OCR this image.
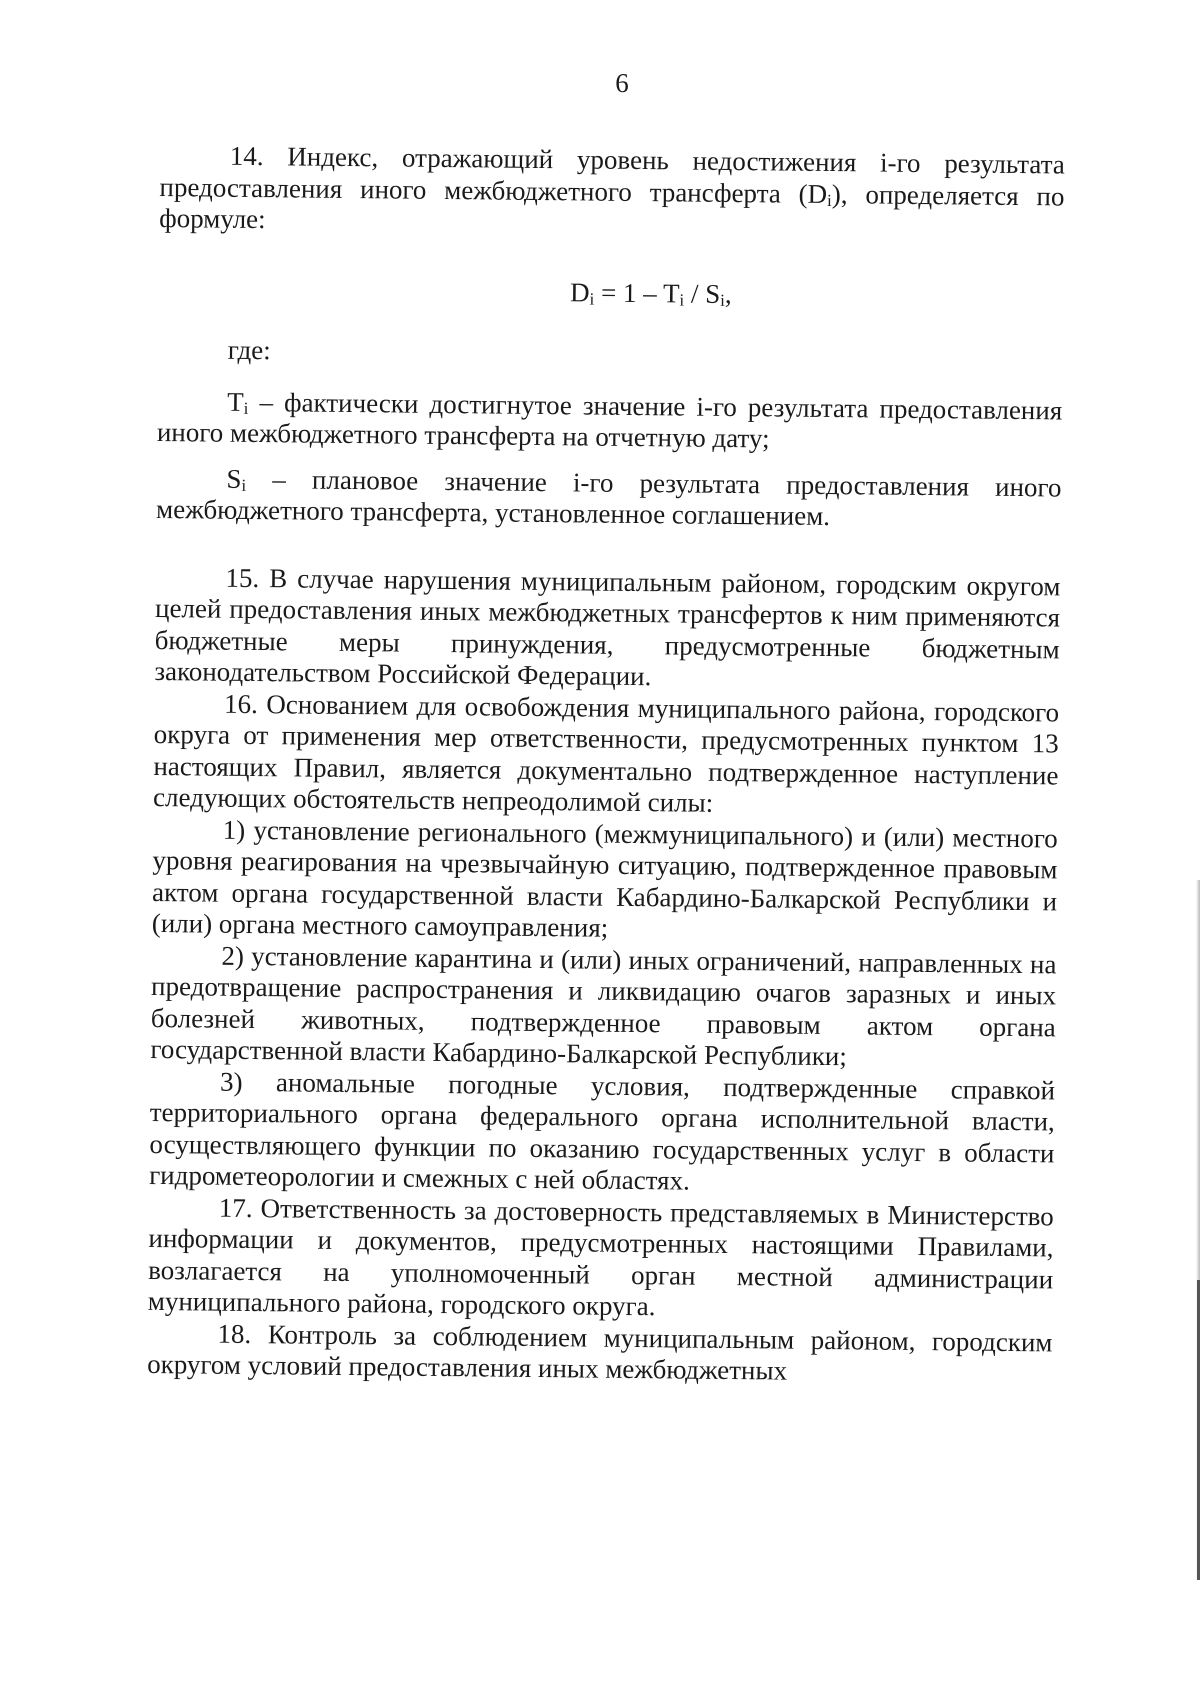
6

14. Индекс, отражающий уровень недостижения i-го результата предоставления иного межбюджетного трансферта $(D_i)$, определяется по формуле:

$D_i = 1 - T_i / S_i$,
где:

$T_i$ – фактически достигнутое значение i-го результата предоставления иного межбюджетного трансферта на отчетную дату;

$S_i$ – плановое значение i-го результата предоставления иного межбюджетного трансферта, установленное соглашением.

15. В случае нарушения муниципальным районом, городским округом целей предоставления иных межбюджетных трансфертов к ним применяются бюджетные меры принуждения, предусмотренные бюджетным законодательством Российской Федерации.

16. Основанием для освобождения муниципального района, городского округа от применения мер ответственности, предусмотренных пунктом 13 настоящих Правил, является документально подтвержденное наступление следующих обстоятельств непреодолимой силы:

1) установление регионального (межмуниципального) и (или) местного уровня реагирования на чрезвычайную ситуацию, подтвержденное правовым актом органа государственной власти Кабардино-Балкарской Республики и (или) органа местного самоуправления;

2) установление карантина и (или) иных ограничений, направленных на предотвращение распространения и ликвидацию очагов заразных и иных болезней животных, подтвержденное правовым актом органа государственной власти Кабардино-Балкарской Республики;

3) аномальные погодные условия, подтвержденные справкой территориального органа федерального органа исполнительной власти, осуществляющего функции по оказанию государственных услуг в области гидрометеорологии и смежных с ней областях.

17. Ответственность за достоверность представляемых в Министерство информации и документов, предусмотренных настоящими Правилами, возлагается на уполномоченный орган местной администрации муниципального района, городского округа.

18. Контроль за соблюдением муниципальным районом, городским округом условий предоставления иных межбюджетных
